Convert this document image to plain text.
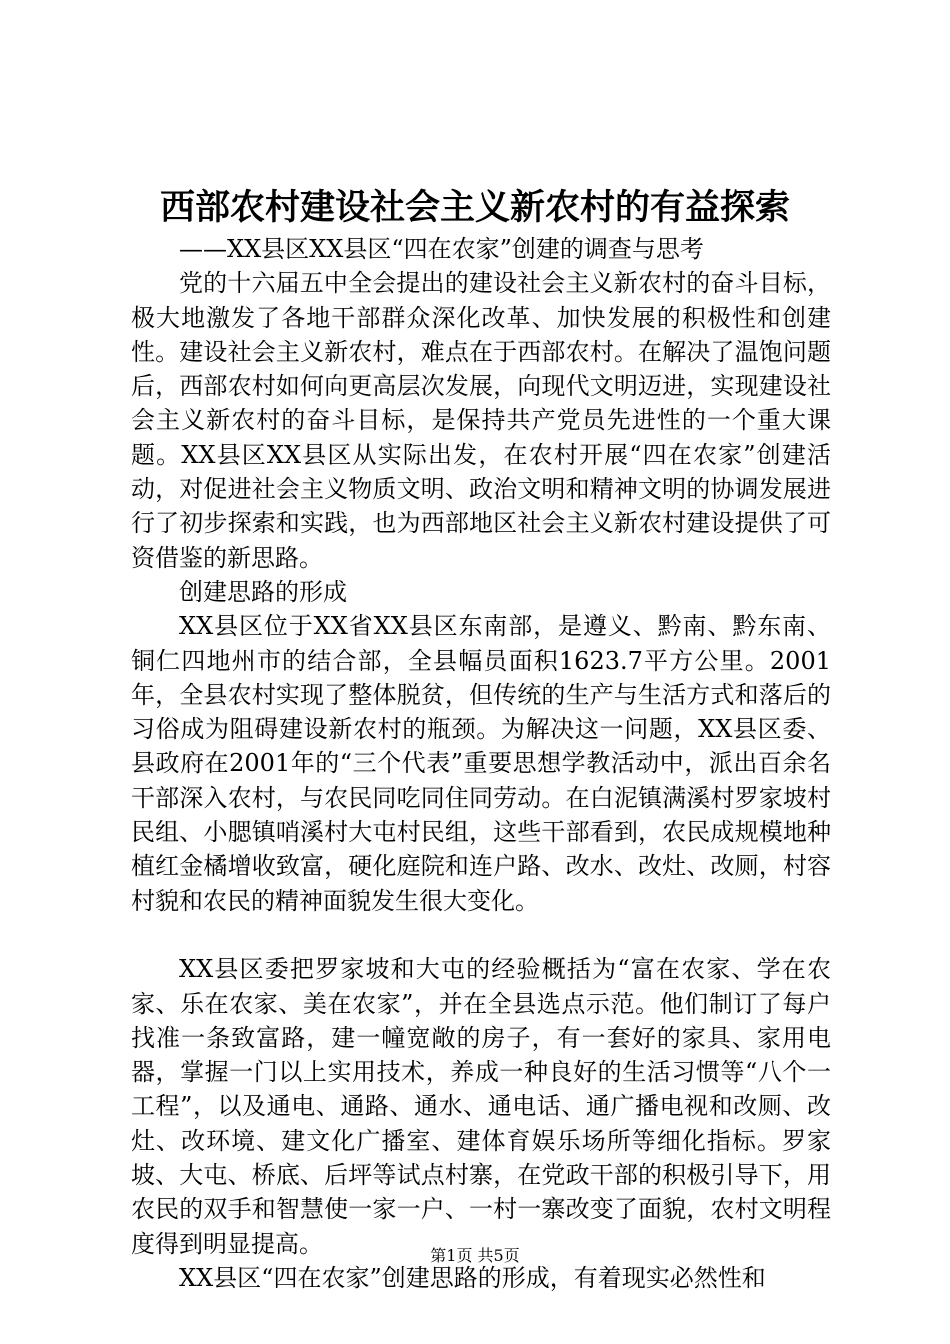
西部农村建设社会主义新农村的有益探索

——XX县区XX县区“四在农家”创建的调查与思考

党的十六届五中全会提出的建设社会主义新农村的奋斗目标，极大地激发了各地干部群众深化改革、加快发展的积极性和创建性。建设社会主义新农村，难点在于西部农村。在解决了温饱问题后，西部农村如何向更高层次发展，向现代文明迈进，实现建设社会主义新农村的奋斗目标，是保持共产党员先进性的一个重大课题。XX县区XX县区从实际出发，在农村开展“四在农家”创建活动，对促进社会主义物质文明、政治文明和精神文明的协调发展进行了初步探索和实践，也为西部地区社会主义新农村建设提供了可资借鉴的新思路。

创建思路的形成

XX县区位于XX省XX县区东南部，是遵义、黔南、黔东南、铜仁四地州市的结合部，全县幅员面积1623.7平方公里。2001年，全县农村实现了整体脱贫，但传统的生产与生活方式和落后的习俗成为阻碍建设新农村的瓶颈。为解决这一问题，XX县区委、县政府在2001年的“三个代表”重要思想学教活动中，派出百余名干部深入农村，与农民同吃同住同劳动。在白泥镇满溪村罗家坡村民组、小腮镇哨溪村大屯村民组，这些干部看到，农民成规模地种植红金橘增收致富，硬化庭院和连户路、改水、改灶、改厕，村容村貌和农民的精神面貌发生很大变化。

XX县区委把罗家坡和大屯的经验概括为“富在农家、学在农家、乐在农家、美在农家”，并在全县选点示范。他们制订了每户找准一条致富路，建一幢宽敞的房子，有一套好的家具、家用电器，掌握一门以上实用技术，养成一种良好的生活习惯等“八个一工程”，以及通电、通路、通水、通电话、通广播电视和改厕、改灶、改环境、建文化广播室、建体育娱乐场所等细化指标。罗家坡、大屯、桥底、后坪等试点村寨，在党政干部的积极引导下，用农民的双手和智慧使一家一户、一村一寨改变了面貌，农村文明程度得到明显提高。

XX县区“四在农家”创建思路的形成，有着现实必然性和

第1页 共5页
